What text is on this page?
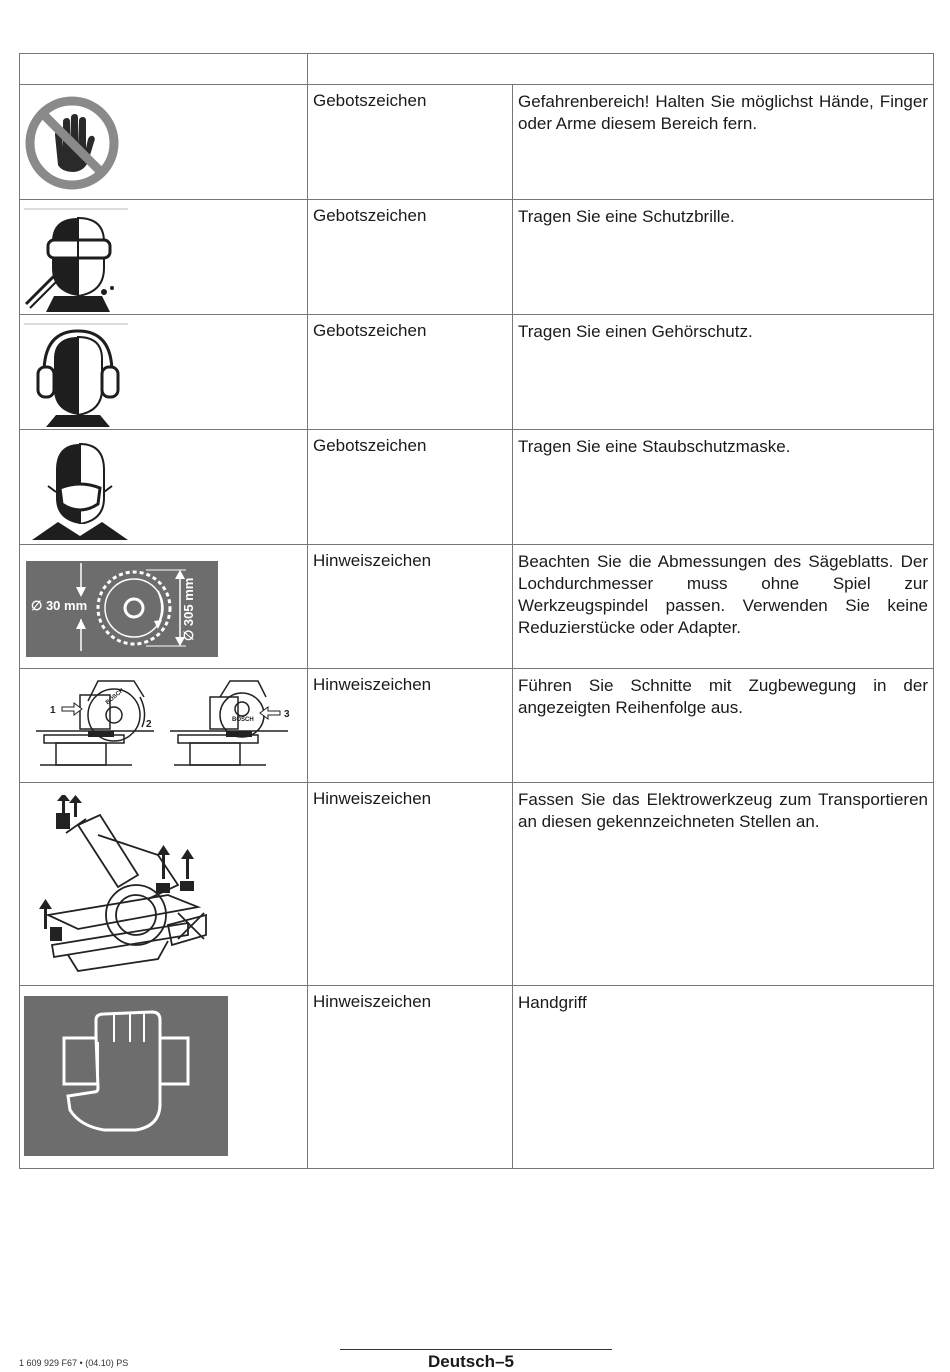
Gebotszeichen	Gefahrenbereich! Halten Sie möglichst Hände, Finger oder Arme diesem Bereich fern.
Gebotszeichen	Tragen Sie eine Schutzbrille.
Gebotszeichen	Tragen Sie einen Gehörschutz.
Gebotszeichen	Tragen Sie eine Staubschutzmaske.
∅ 30 mm
∅ 305 mm
Hinweiszeichen	Beachten Sie die Abmessungen des Sägeblatts. Der Lochdurchmesser muss ohne Spiel zur Werkzeugspindel passen. Verwenden Sie keine Reduzierstücke oder Adapter.
1
2
BOSCH
3
BOSCH
Hinweiszeichen	Führen Sie Schnitte mit Zugbewegung in der angezeigten Reihenfolge aus.
Hinweiszeichen	Fassen Sie das Elektrowerkzeug zum Transportieren an diesen gekennzeichneten Stellen an.
Hinweiszeichen	Handgriff
1 609 929 F67 • (04.10) PS	Deutsch–5
